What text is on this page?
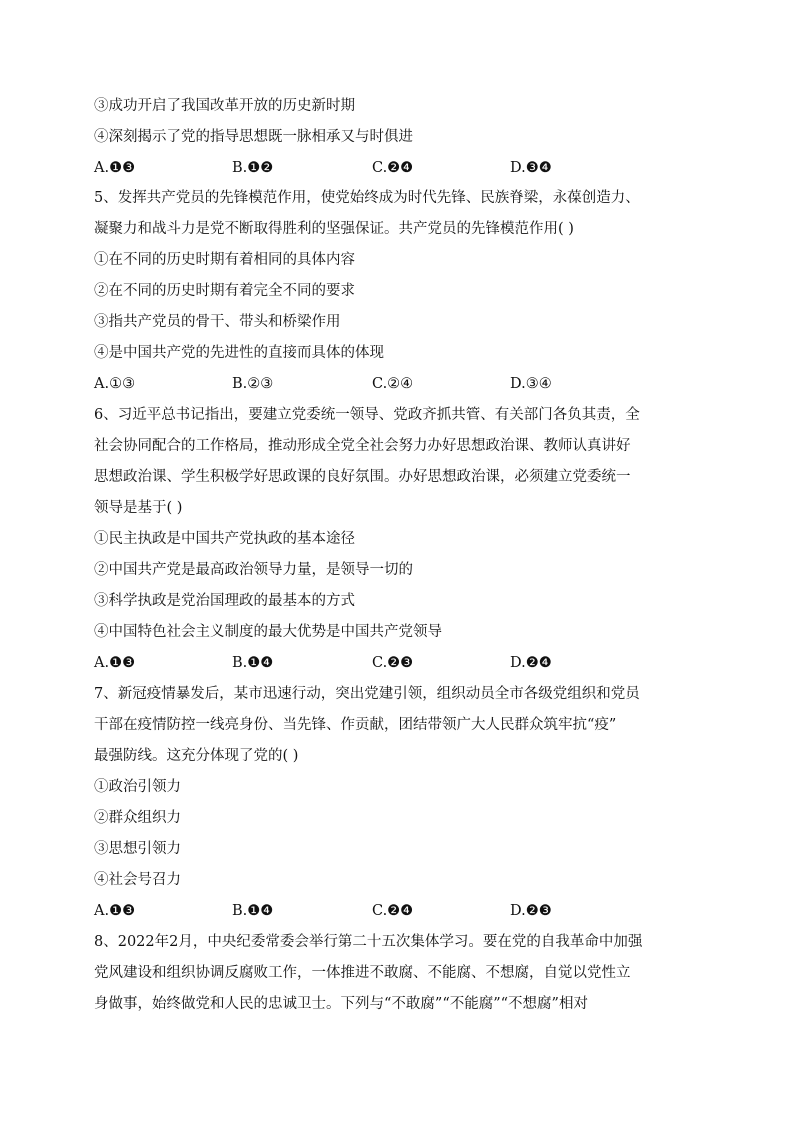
③成功开启了我国改革开放的历史新时期
④深刻揭示了党的指导思想既一脉相承又与时俱进
A.❶❸	B.❶❷	C.❷❹	D.❸❹
5、发挥共产党员的先锋模范作用，使党始终成为时代先锋、民族脊梁，永葆创造力、
凝聚力和战斗力是党不断取得胜利的坚强保证。共产党员的先锋模范作用( )
①在不同的历史时期有着相同的具体内容
②在不同的历史时期有着完全不同的要求
③指共产党员的骨干、带头和桥梁作用
④是中国共产党的先进性的直接而具体的体现
A.①③	B.②③	C.②④	D.③④
6、习近平总书记指出，要建立党委统一领导、党政齐抓共管、有关部门各负其责，全
社会协同配合的工作格局，推动形成全党全社会努力办好思想政治课、教师认真讲好
思想政治课、学生积极学好思政课的良好氛围。办好思想政治课，必须建立党委统一
领导是基于( )
①民主执政是中国共产党执政的基本途径
②中国共产党是最高政治领导力量，是领导一切的
③科学执政是党治国理政的最基本的方式
④中国特色社会主义制度的最大优势是中国共产党领导
A.❶❸	B.❶❹	C.❷❸	D.❷❹
7、新冠疫情暴发后，某市迅速行动，突出党建引领，组织动员全市各级党组织和党员
干部在疫情防控一线亮身份、当先锋、作贡献，团结带领广大人民群众筑牢抗“疫”
最强防线。这充分体现了党的( )
①政治引领力
②群众组织力
③思想引领力
④社会号召力
A.❶❸	B.❶❹	C.❷❹	D.❷❸
8、2022年2月，中央纪委常委会举行第二十五次集体学习。要在党的自我革命中加强
党风建设和组织协调反腐败工作，一体推进不敢腐、不能腐、不想腐，自觉以党性立
身做事，始终做党和人民的忠诚卫士。下列与“不敢腐”“不能腐”“不想腐”相对
